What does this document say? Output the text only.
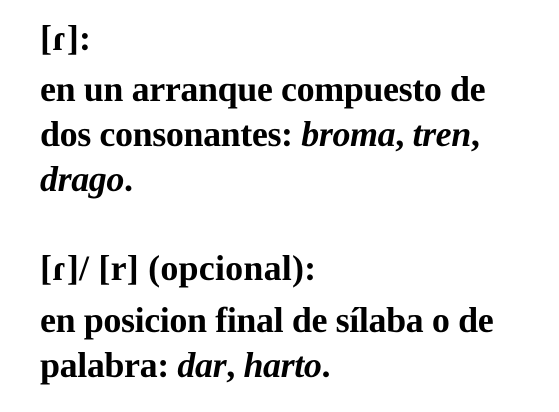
[ɾ]:
en un arranque compuesto de
dos consonantes: broma, tren,
drago.
[ɾ]/ [r] (opcional):
en posicion final de sílaba o de
palabra: dar, harto.
